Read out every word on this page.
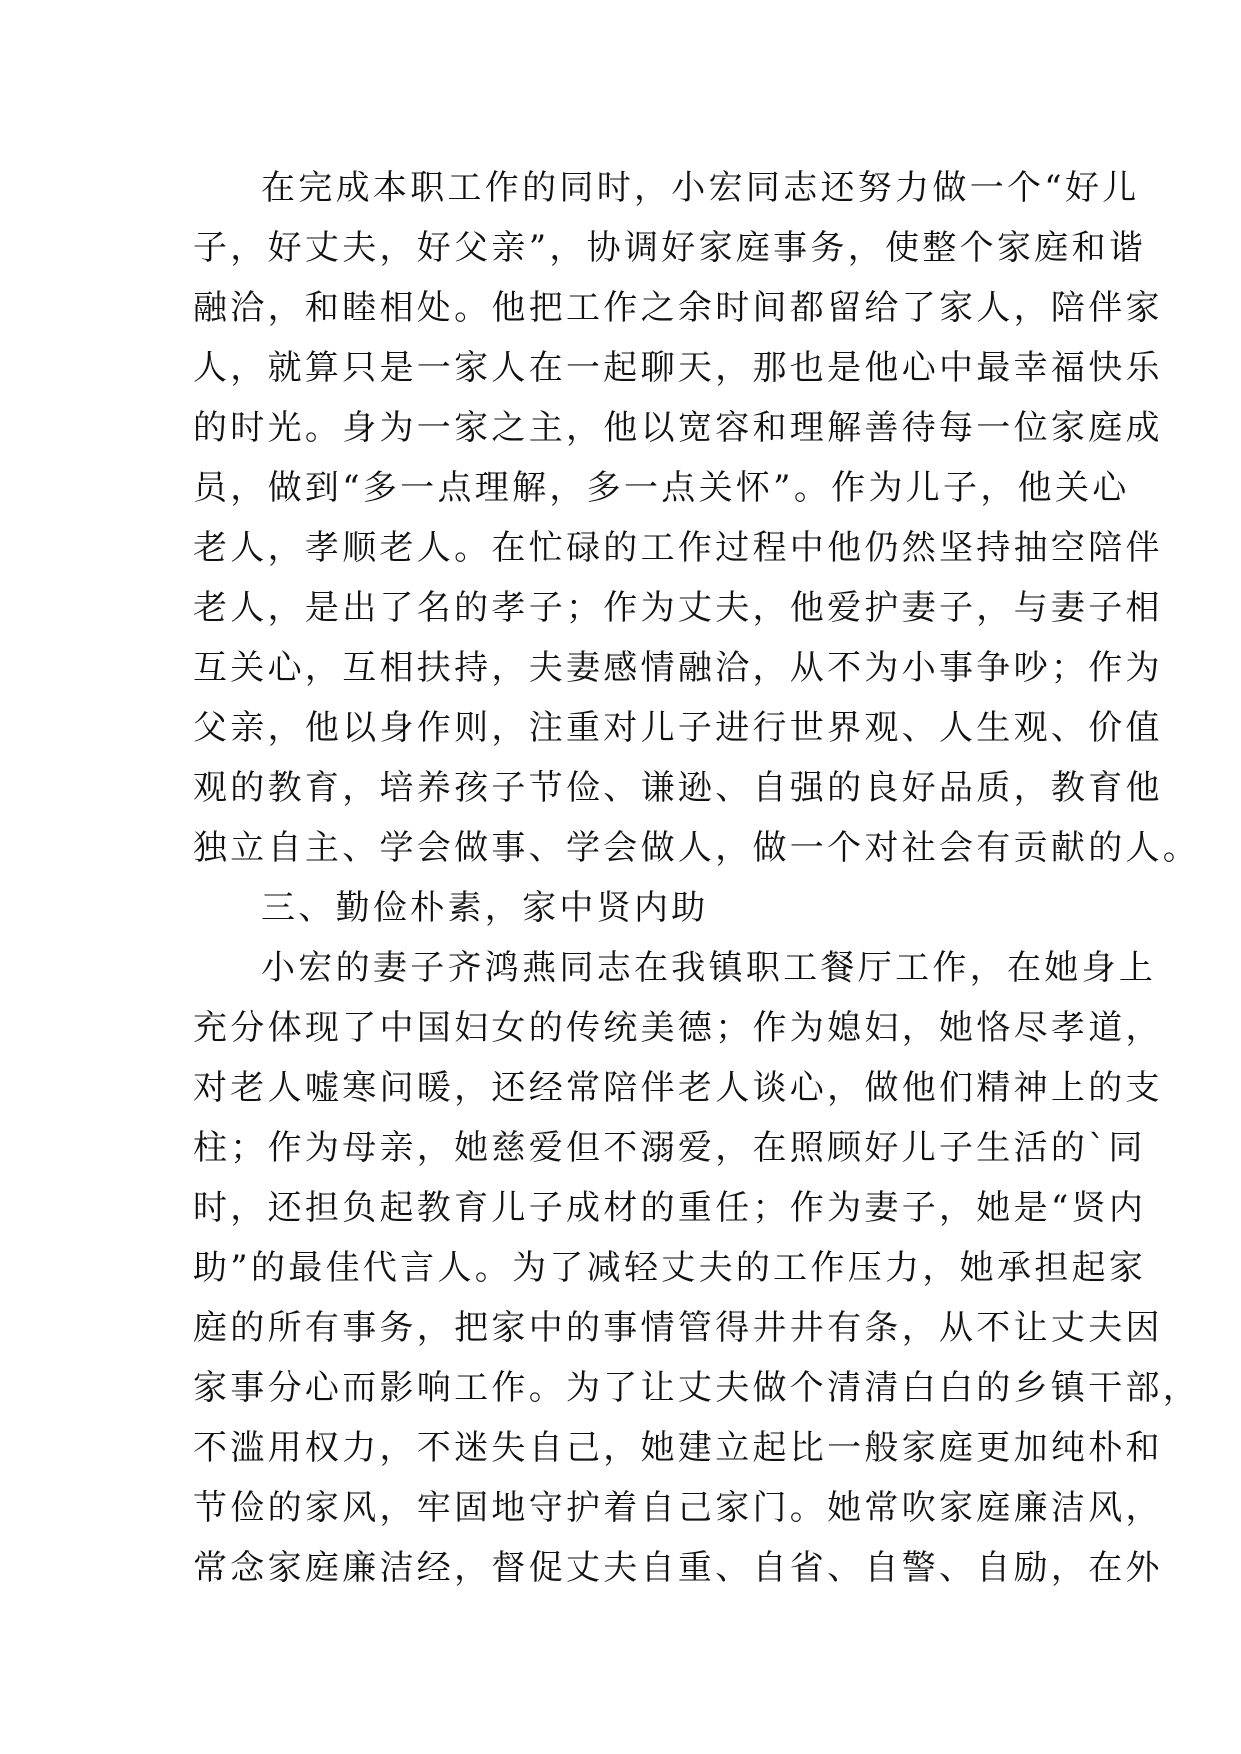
在完成本职工作的同时，小宏同志还努力做一个“好儿
子，好丈夫，好父亲”，协调好家庭事务，使整个家庭和谐
融洽，和睦相处。他把工作之余时间都留给了家人，陪伴家
人，就算只是一家人在一起聊天，那也是他心中最幸福快乐
的时光。身为一家之主，他以宽容和理解善待每一位家庭成
员，做到“多一点理解，多一点关怀”。作为儿子，他关心
老人，孝顺老人。在忙碌的工作过程中他仍然坚持抽空陪伴
老人，是出了名的孝子；作为丈夫，他爱护妻子，与妻子相
互关心，互相扶持，夫妻感情融洽，从不为小事争吵；作为
父亲，他以身作则，注重对儿子进行世界观、人生观、价值
观的教育，培养孩子节俭、谦逊、自强的良好品质，教育他
独立自主、学会做事、学会做人，做一个对社会有贡献的人。
三、勤俭朴素，家中贤内助
小宏的妻子齐鸿燕同志在我镇职工餐厅工作，在她身上
充分体现了中国妇女的传统美德；作为媳妇，她恪尽孝道，
对老人嘘寒问暖，还经常陪伴老人谈心，做他们精神上的支
柱；作为母亲，她慈爱但不溺爱，在照顾好儿子生活的`同
时，还担负起教育儿子成材的重任；作为妻子，她是“贤内
助”的最佳代言人。为了减轻丈夫的工作压力，她承担起家
庭的所有事务，把家中的事情管得井井有条，从不让丈夫因
家事分心而影响工作。为了让丈夫做个清清白白的乡镇干部，
不滥用权力，不迷失自己，她建立起比一般家庭更加纯朴和
节俭的家风，牢固地守护着自己家门。她常吹家庭廉洁风，
常念家庭廉洁经，督促丈夫自重、自省、自警、自励，在外
